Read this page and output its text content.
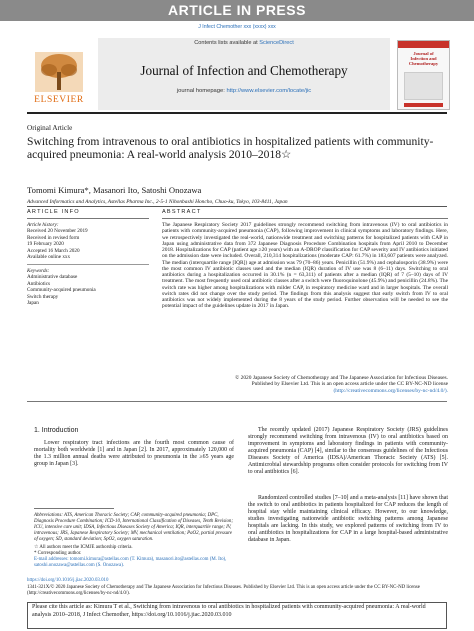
ARTICLE IN PRESS
J Infect Chemother xxx (xxxx) xxx
ELSEVIER
Contents lists available at ScienceDirect
Journal of Infection and Chemotherapy
journal homepage: http://www.elsevier.com/locate/jic
Journal of
Infection and
Chemotherapy
Original Article
Switching from intravenous to oral antibiotics in hospitalized patients with community-acquired pneumonia: A real-world analysis 2010–2018☆
Tomomi Kimura*, Masanori Ito, Satoshi Onozawa
Advanced Informatics and Analytics, Astellas Pharma Inc., 2-5-1 Nihonbashi Honcho, Chuo-ku, Tokyo, 103-8411, Japan
ARTICLE INFO	ABSTRACT
Article history:
Received 20 November 2019
Received in revised form
19 February 2020
Accepted 16 March 2020
Available online xxx
Keywords:
Administrative database
Antibiotics
Community-acquired pneumonia
Switch therapy
Japan
The Japanese Respiratory Society 2017 guidelines strongly recommend switching from intravenous (IV) to oral antibiotics in patients with community-acquired pneumonia (CAP), following improvement in clinical symptoms and laboratory findings. Here, we retrospectively investigated the real-world, nationwide treatment and switching patterns for hospitalized patients with CAP in Japan using administrative data from 372 Japanese Diagnosis Procedure Combination hospitals from April 2010 to December 2018. Hospitalizations for CAP (patient age ≥20 years) with an A-DROP classification for CAP severity and IV antibiotics initiated on the admission date were included. Overall, 210,314 hospitalizations (moderate CAP: 61.7%) in 183,607 patients were analyzed. The median (interquartile range [IQR]) age at admission was 79 (70–86) years. Penicillin (51.9%) and cephalosporin (38.9%) were the most common IV antibiotic classes used and the median (IQR) duration of IV use was 8 (6–11) days. Switching to oral antibiotics during a hospitalization occurred in 30.1% (n = 63,311) of patients after a median (IQR) of 7 (5–10) days of IV treatment. The most frequently used oral antibiotic classes after a switch were fluoroquinolone (45.9%) and penicillin (24.8%). The switch rate was higher among hospitalizations with milder CAP, in respiratory medicine ward and in larger hospitals. The overall switch rates did not change over the study period. The findings from this analysis suggest that early switch from IV to oral antibiotics was not widely implemented during the 8 years of the study period. Further observation will be needed to see the potential impact of the guidelines update in 2017 in Japan.
© 2020 Japanese Society of Chemotherapy and The Japanese Association for Infectious Diseases.
Published by Elsevier Ltd. This is an open access article under the CC BY-NC-ND license
(http://creativecommons.org/licenses/by-nc-nd/4.0/).
1. Introduction
Lower respiratory tract infections are the fourth most common cause of mortality both worldwide [1] and in Japan [2]. In 2017, approximately 120,000 of the 1.3 million annual deaths were attributed to pneumonia in the ≥65 years age group in Japan [3].
The recently updated (2017) Japanese Respiratory Society (JRS) guidelines strongly recommend switching from intravenous (IV) to oral antibiotics based on improvement in symptoms and laboratory findings in patients with community-acquired pneumonia (CAP) [4], similar to the consensus guidelines of the Infectious Diseases Society of America (IDSA)/American Thoracic Society (ATS) [5]. Antimicrobial stewardship programs often consider protocols for switching from IV to oral antibiotics [6].
Randomized controlled studies [7–10] and a meta-analysis [11] have shown that the switch to oral antibiotics in patients hospitalized for CAP reduces the length of hospital stay while maintaining clinical efficacy. However, to our knowledge, studies investigating nationwide antibiotic switching patterns among Japanese hospitals are lacking. In this study, we explored patterns of switching from IV to oral antibiotics in hospitalizations for CAP in a large hospital-based administrative database in Japan.
Abbreviations: ATS, American Thoracic Society; CAP, community-acquired pneumonia; DPC, Diagnosis Procedure Combination; ICD-10, International Classification of Diseases, Tenth Revision; ICU, intensive care unit; IDSA, Infectious Diseases Society of America; IQR, interquartile range; IV, intravenous; JRS, Japanese Respiratory Society; MV, mechanical ventilation; PaO2, partial pressure of oxygen; SD, standard deviation; SpO2, oxygen saturation.
☆ All authors meet the ICMJE authorship criteria.
* Corresponding author.
E-mail addresses: tomomi.kimura@astellas.com (T. Kimura), masanori.ito@astellas.com (M. Ito), satoshi.onozawa@astellas.com (S. Onozawa).
https://doi.org/10.1016/j.jiac.2020.03.010
1341-321X/© 2020 Japanese Society of Chemotherapy and The Japanese Association for Infectious Diseases. Published by Elsevier Ltd. This is an open access article under the CC BY-NC-ND license (http://creativecommons.org/licenses/by-nc-nd/4.0/).
Please cite this article as: Kimura T et al., Switching from intravenous to oral antibiotics in hospitalized patients with community-acquired pneumonia: A real-world analysis 2010–2018, J Infect Chemother, https://doi.org/10.1016/j.jiac.2020.03.010
